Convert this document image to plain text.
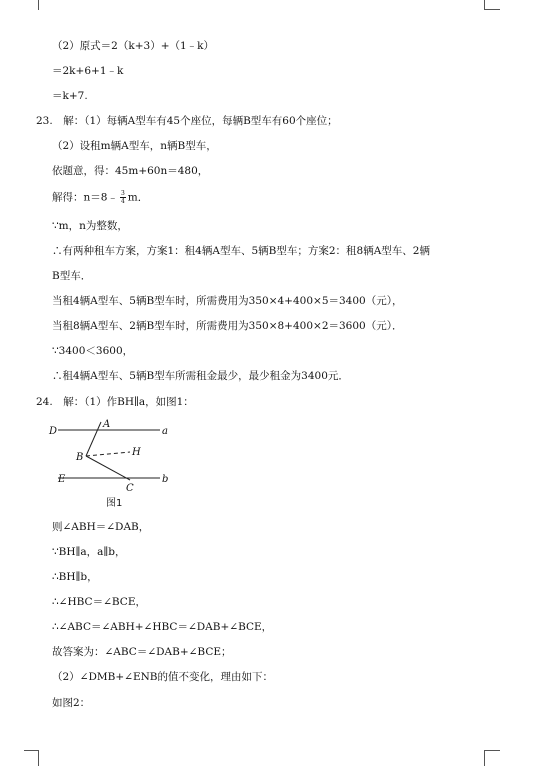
（2）原式＝2（k+3）+（1﹣k）
＝2k+6+1﹣k
＝k+7.
23.　解：（1）每辆A型车有45个座位，每辆B型车有60个座位；
（2）设租m辆A型车，n辆B型车，
依题意，得：45m+60n＝480，
解得：n＝8﹣ $\frac{3}{4}$ m．
∵m，n为整数，
∴有两种租车方案，方案1：租4辆A型车、5辆B型车；方案2：租8辆A型车、2辆
B型车．
当租4辆A型车、5辆B型车时，所需费用为350×4+400×5＝3400（元），
当租8辆A型车、2辆B型车时，所需费用为350×8+400×2＝3600（元）．
∵3400＜3600，
∴租4辆A型车、5辆B型车所需租金最少，最少租金为3400元．
24.　解：（1）作BH∥a，如图1：
D
A
a
B	H
E
C
b
图1
则∠ABH＝∠DAB，
∵BH∥a，a∥b，
∴BH∥b，
∴∠HBC＝∠BCE，
∴∠ABC＝∠ABH+∠HBC＝∠DAB+∠BCE，
故答案为：∠ABC＝∠DAB+∠BCE；
（2）∠DMB+∠ENB的值不变化，理由如下：
如图2：
